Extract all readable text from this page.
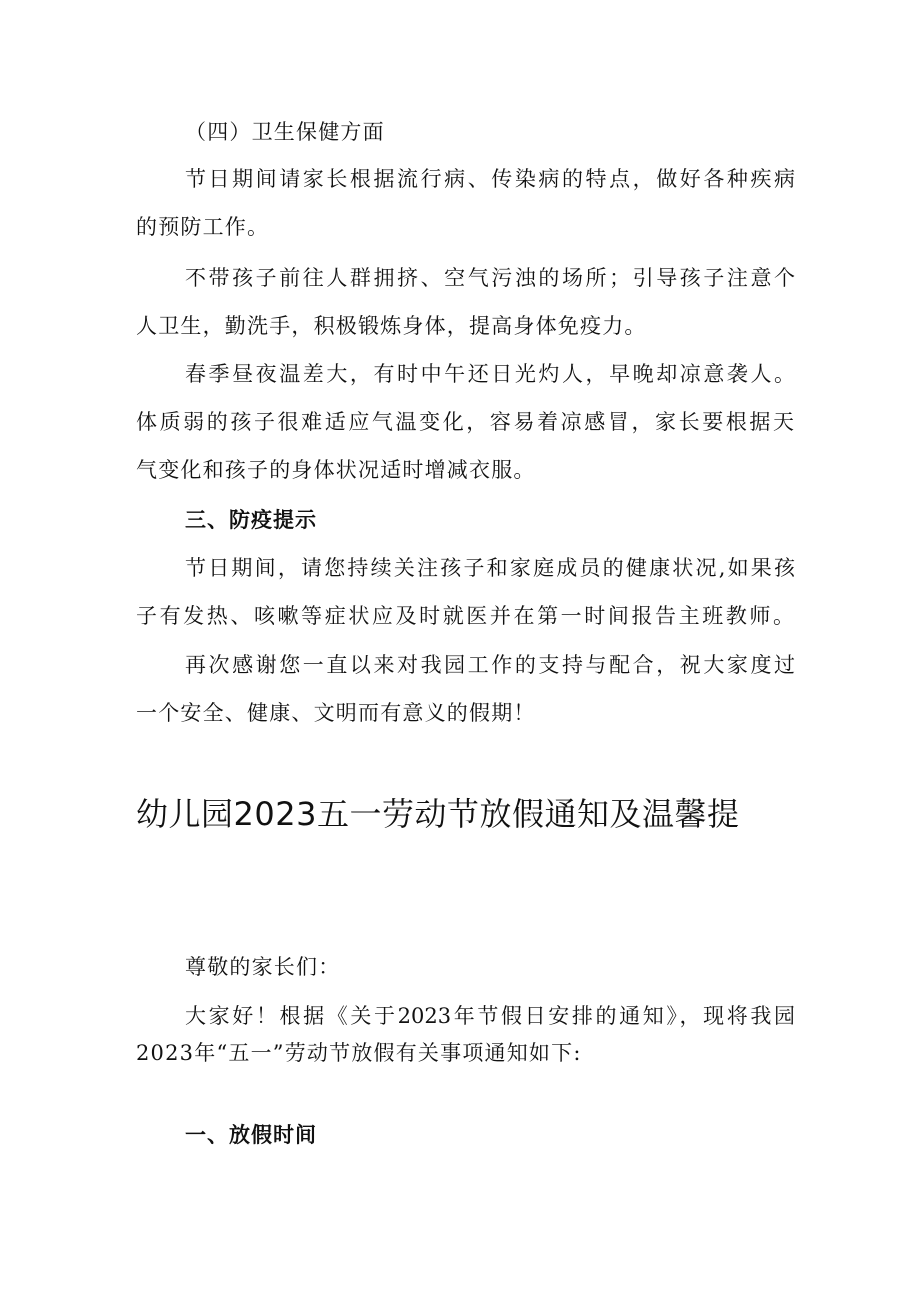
（四）卫生保健方面
节日期间请家长根据流行病、传染病的特点，做好各种疾病
的预防工作。
不带孩子前往人群拥挤、空气污浊的场所；引导孩子注意个
人卫生，勤洗手，积极锻炼身体，提高身体免疫力。
春季昼夜温差大，有时中午还日光灼人，早晚却凉意袭人。
体质弱的孩子很难适应气温变化，容易着凉感冒，家长要根据天
气变化和孩子的身体状况适时增减衣服。
三、防疫提示
节日期间，请您持续关注孩子和家庭成员的健康状况,如果孩
子有发热、咳嗽等症状应及时就医并在第一时间报告主班教师。
再次感谢您一直以来对我园工作的支持与配合，祝大家度过
一个安全、健康、文明而有意义的假期！
幼儿园2023五一劳动节放假通知及温馨提
尊敬的家长们：
大家好！根据《关于2023年节假日安排的通知》，现将我园
2023年“五一”劳动节放假有关事项通知如下:
一、放假时间
